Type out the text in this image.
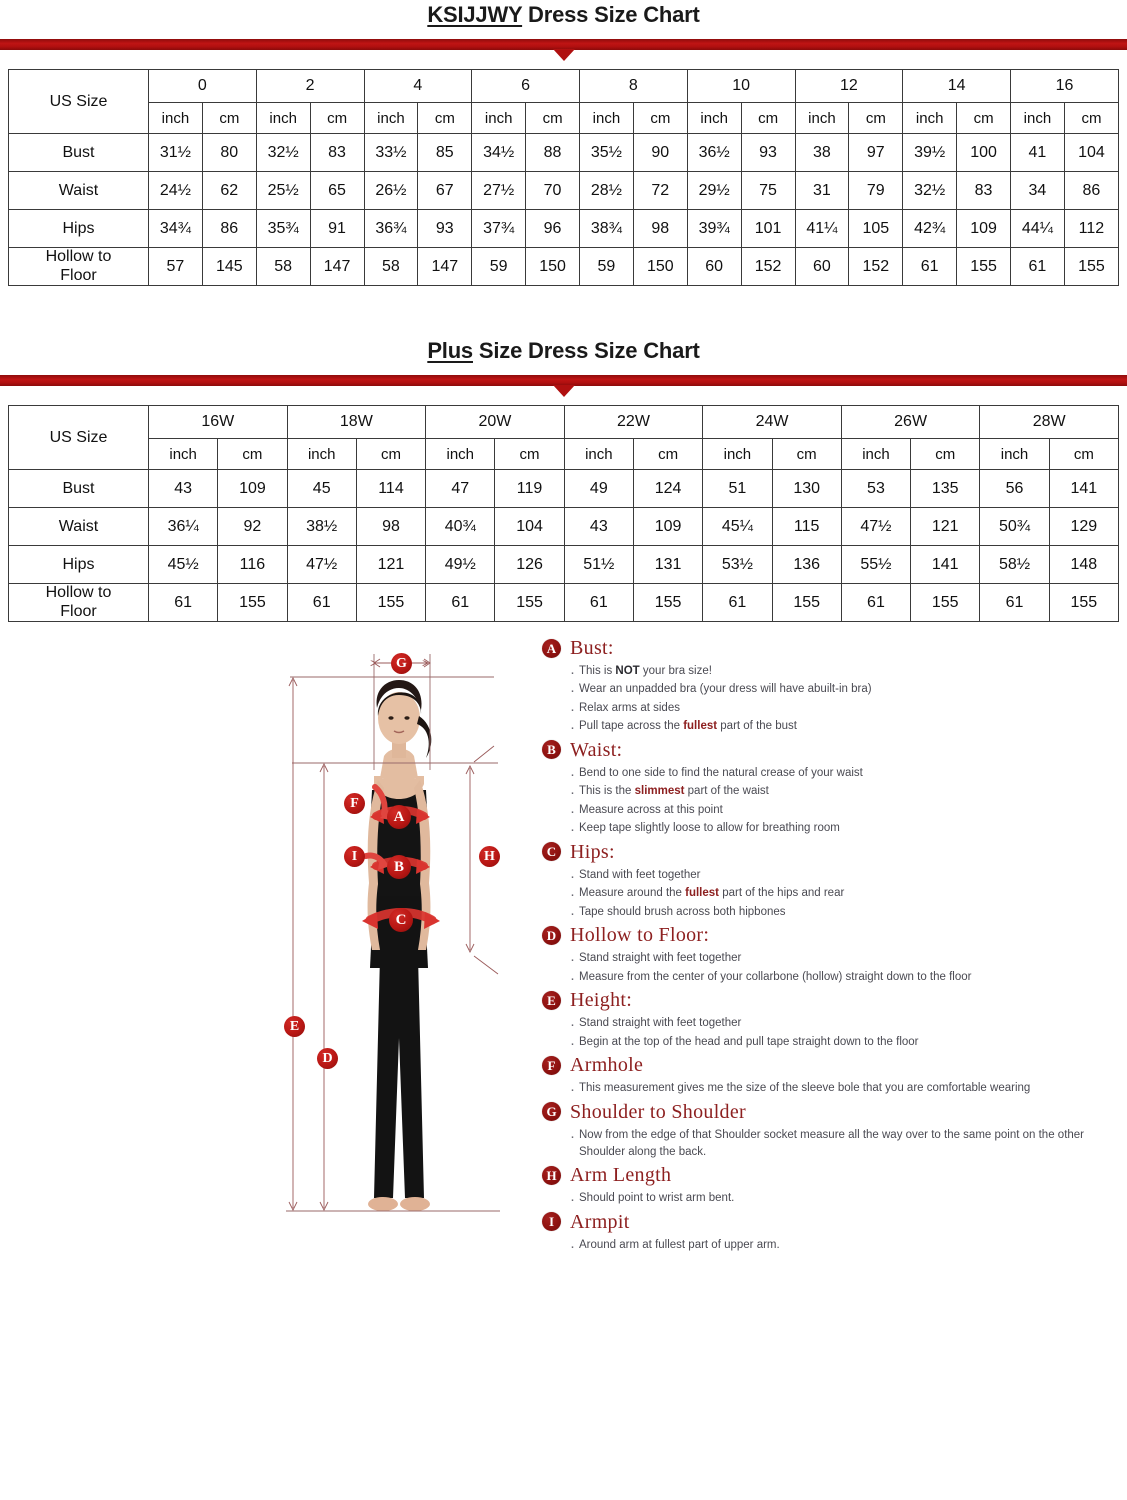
KSIJJWY Dress Size Chart
US Size	0		2		4		6		8		10		12		14		16	
	inch	cm	inch	cm	inch	cm	inch	cm	inch	cm	inch	cm	inch	cm	inch	cm	inch	cm
Bust	31½	80	32½	83	33½	85	34½	88	35½	90	36½	93	38	97	39½	100	41	104
Waist	24½	62	25½	65	26½	67	27½	70	28½	72	29½	75	31	79	32½	83	34	86
Hips	34¾	86	35¾	91	36¾	93	37¾	96	38¾	98	39¾	101	41¼	105	42¾	109	44¼	112
Hollow to
Floor	57	145	58	147	58	147	59	150	59	150	60	152	60	152	61	155	61	155
Plus Size Dress Size Chart
US Size	16W		18W		20W		22W		24W		26W		28W	
	inch	cm	inch	cm	inch	cm	inch	cm	inch	cm	inch	cm	inch	cm
Bust	43	109	45	114	47	119	49	124	51	130	53	135	56	141
Waist	36¼	92	38½	98	40¾	104	43	109	45¼	115	47½	121	50¾	129
Hips	45½	116	47½	121	49½	126	51½	131	53½	136	55½	141	58½	148
Hollow to
Floor	61	155	61	155	61	155	61	155	61	155	61	155	61	155
A
B
C
D
E
F
G
H
I
A Bust:
· This is NOT your bra size!
· Wear an unpadded bra (your dress will have abuilt-in bra)
· Relax arms at sides
· Pull tape across the fullest part of the bust
B Waist:
· Bend to one side to find the natural crease of your waist
· This is the slimmest part of the waist
· Measure across at this point
· Keep tape slightly loose to allow for breathing room
C Hips:
· Stand with feet together
· Measure around the fullest part of the hips and rear
· Tape should brush across both hipbones
D Hollow to Floor:
· Stand straight with feet together
· Measure from the center of your collarbone (hollow) straight down to the floor
E Height:
· Stand straight with feet together
· Begin at the top of the head and pull tape straight down to the floor
F Armhole
· This measurement gives me the size of the sleeve bole that you are comfortable wearing
G Shoulder to Shoulder
· Now from the edge of that Shoulder socket measure all the way over to the same point on the other Shoulder along the back.
H Arm Length
· Should point to wrist arm bent.
I Armpit
· Around arm at fullest part of upper arm.
